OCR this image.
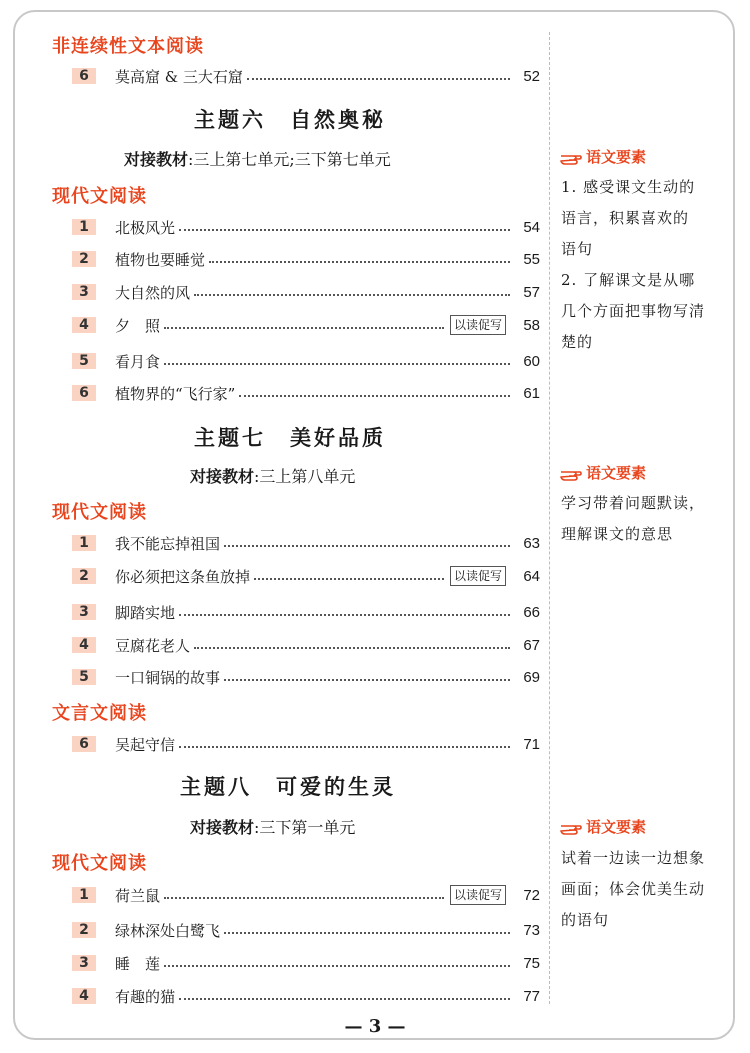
非连续性文本阅读
6	莫高窟 & 三大石窟	52
主题六　自然奥秘
对接教材:三上第七单元;三下第七单元
现代文阅读
1	北极风光	54
2	植物也要睡觉	55
3	大自然的风	57
4	夕　照	以读促写	58
5	看月食	60
6	植物界的“飞行家”	61
语文要素
1. 感受课文生动的
语言，积累喜欢的
语句
2. 了解课文是从哪
几个方面把事物写清
楚的
主题七　美好品质
对接教材:三上第八单元
现代文阅读
1	我不能忘掉祖国	63
2	你必须把这条鱼放掉	以读促写	64
3	脚踏实地	66
4	豆腐花老人	67
5	一口铜锅的故事	69
文言文阅读
6	吴起守信	71
语文要素
学习带着问题默读，
理解课文的意思
主题八　可爱的生灵
对接教材:三下第一单元
现代文阅读
1	荷兰鼠	以读促写	72
2	绿林深处白鹭飞	73
3	睡　莲	75
4	有趣的猫	77
语文要素
试着一边读一边想象
画面；体会优美生动
的语句
— 3 —
